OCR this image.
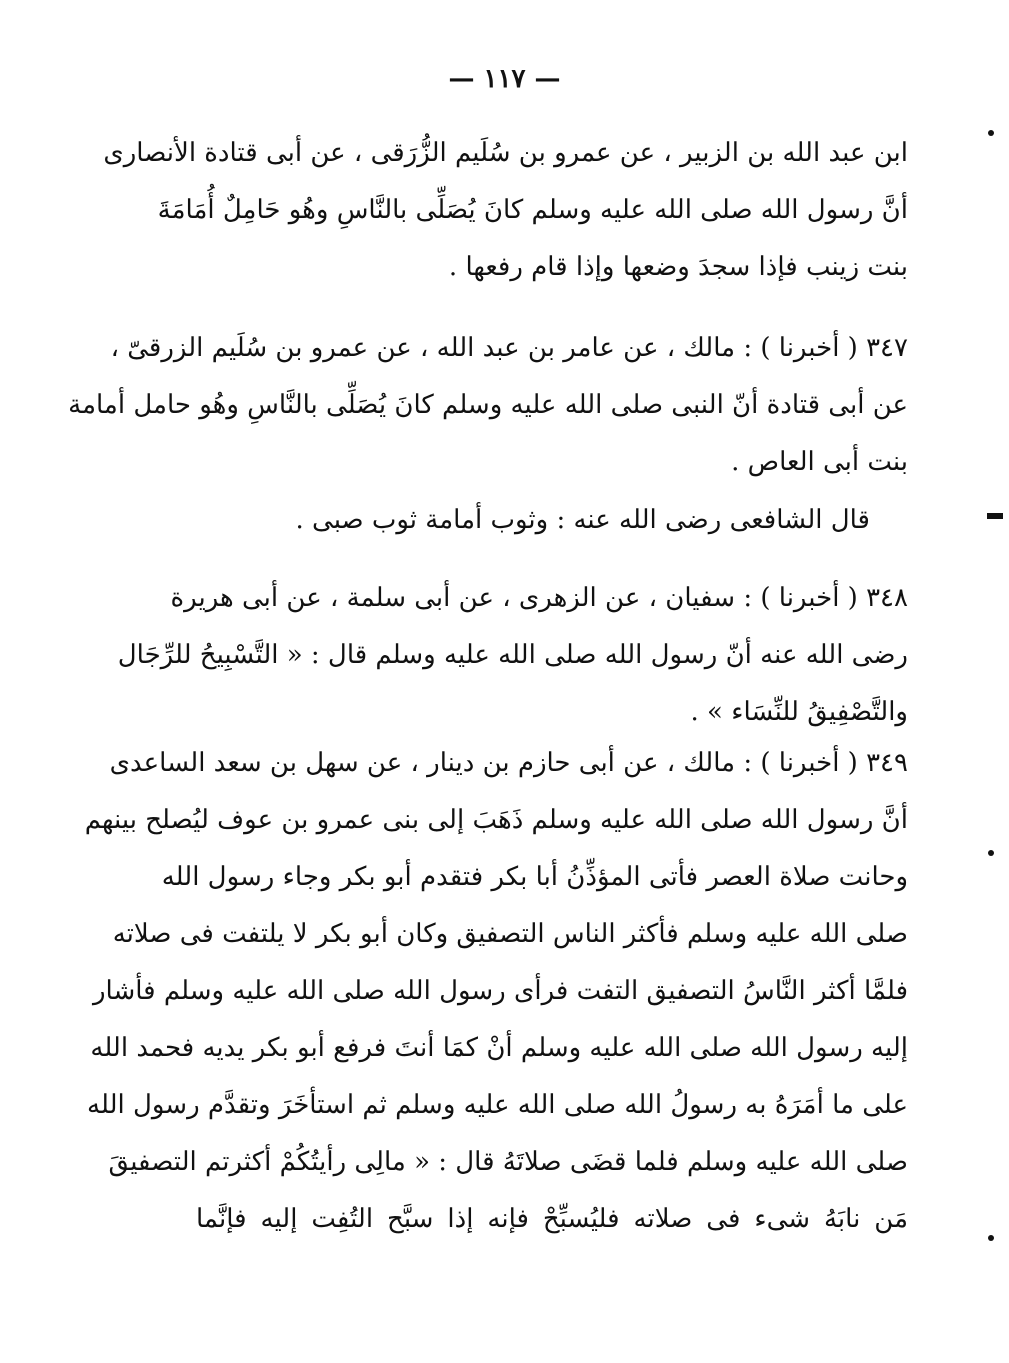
— ١١٧ —
ابن عبد الله بن الزبير ، عن عمرو بن سُلَيم الزُّرَقى ، عن أبى قتادة الأنصارى
أنَّ رسول الله صلى الله عليه وسلم كانَ يُصَلِّى بالنَّاسِ وهُو حَامِلٌ أُمَامَةَ
بنت زينب فإذا سجدَ وضعها وإذا قام رفعها .
٣٤٧ ( أخبرنا ) : مالك ، عن عامر بن عبد الله ، عن عمرو بن سُلَيم الزرقىّ ،
عن أبى قتادة أنّ النبى صلى الله عليه وسلم كانَ يُصَلِّى بالنَّاسِ وهُو حامل أمامة
بنت أبى العاص .
قال الشافعى رضى الله عنه : وثوب أمامة ثوب صبى .
٣٤٨ ( أخبرنا ) : سفيان ، عن الزهرى ، عن أبى سلمة ، عن أبى هريرة
رضى الله عنه أنّ رسول الله صلى الله عليه وسلم قال : « التَّسْبِيحُ للرِّجَال
والتَّصْفِيقُ للنِّسَاء » .
٣٤٩ ( أخبرنا ) : مالك ، عن أبى حازم بن دينار ، عن سهل بن سعد الساعدى
أنَّ رسول الله صلى الله عليه وسلم ذَهَبَ إلى بنى عمرو بن عوف ليُصلح بينهم
وحانت صلاة العصر فأتى المؤذِّنُ أبا بكر فتقدم أبو بكر وجاء رسول الله
صلى الله عليه وسلم فأكثر الناس التصفيق وكان أبو بكر لا يلتفت فى صلاته
فلمَّا أكثر النَّاسُ التصفيق التفت فرأى رسول الله صلى الله عليه وسلم فأشار
إليه رسول الله صلى الله عليه وسلم أنْ كمَا أنتَ فرفع أبو بكر يديه فحمد الله
على ما أمَرَهُ به رسولُ الله صلى الله عليه وسلم ثم استأخَرَ وتقدَّم رسول الله
صلى الله عليه وسلم فلما قضَى صلاتَهُ قال : « مالِى رأيتُكُمْ أكثرتم التصفيقَ
مَن نابَهُ شىء فى صلاته فليُسبِّحْ فإنه إذا سبَّح التُفِت إليه فإنَّما
